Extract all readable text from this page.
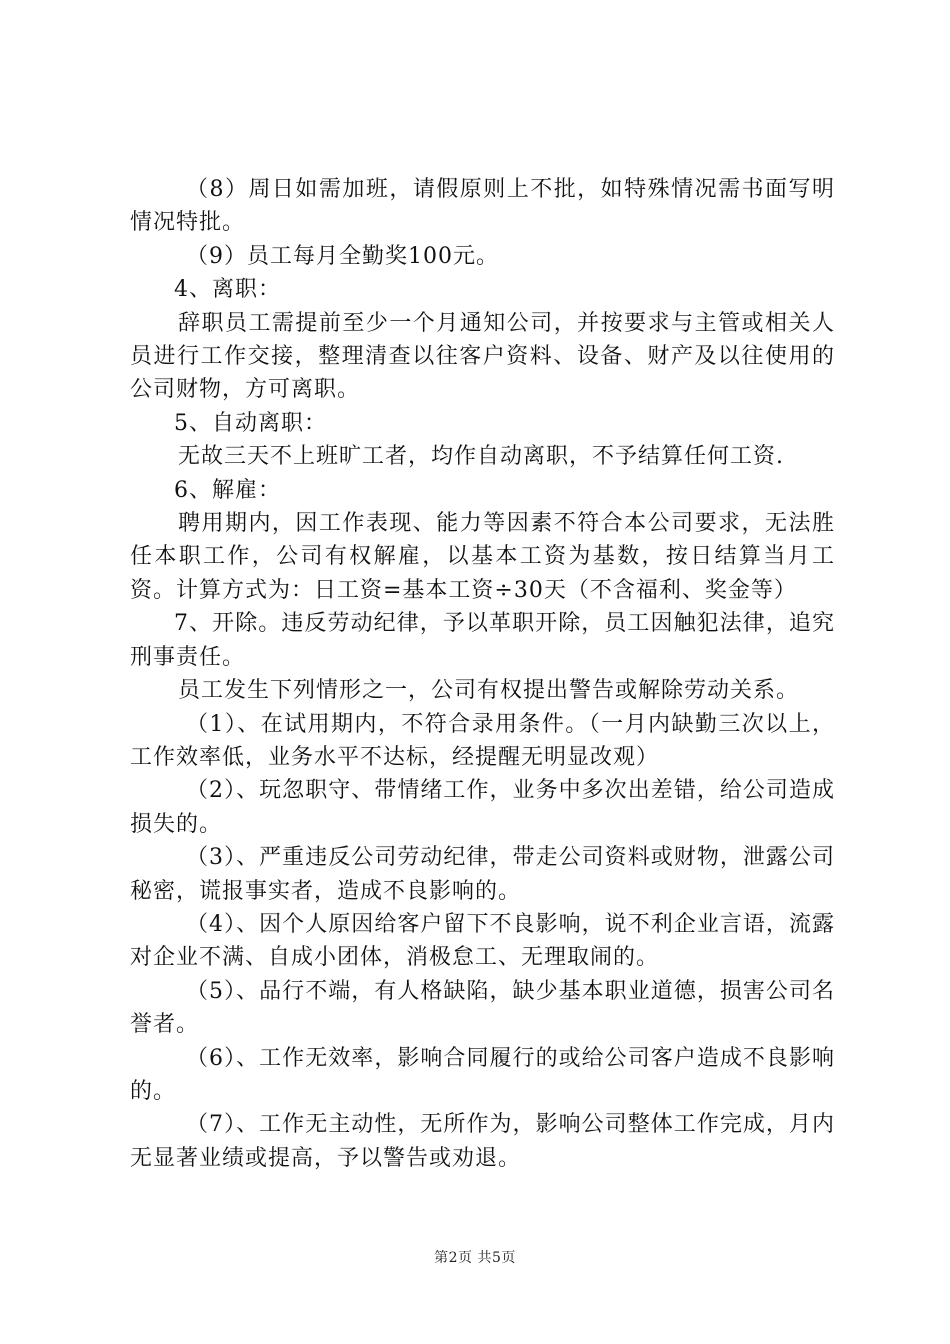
（8）周日如需加班，请假原则上不批，如特殊情况需书面写明情况特批。

（9）员工每月全勤奖100元。

4、离职：

辞职员工需提前至少一个月通知公司，并按要求与主管或相关人员进行工作交接，整理清查以往客户资料、设备、财产及以往使用的公司财物，方可离职。

5、自动离职：

无故三天不上班旷工者，均作自动离职，不予结算任何工资.

6、解雇：

聘用期内，因工作表现、能力等因素不符合本公司要求，无法胜任本职工作，公司有权解雇，以基本工资为基数，按日结算当月工资。计算方式为：日工资=基本工资÷30天（不含福利、奖金等）

7、开除。违反劳动纪律，予以革职开除，员工因触犯法律，追究刑事责任。

员工发生下列情形之一，公司有权提出警告或解除劳动关系。

（1）、在试用期内，不符合录用条件。（一月内缺勤三次以上，工作效率低，业务水平不达标，经提醒无明显改观）

（2）、玩忽职守、带情绪工作，业务中多次出差错，给公司造成损失的。

（3）、严重违反公司劳动纪律，带走公司资料或财物，泄露公司秘密，谎报事实者，造成不良影响的。

（4）、因个人原因给客户留下不良影响，说不利企业言语，流露对企业不满、自成小团体，消极怠工、无理取闹的。

（5）、品行不端，有人格缺陷，缺少基本职业道德，损害公司名誉者。

（6）、工作无效率，影响合同履行的或给公司客户造成不良影响的。

（7）、工作无主动性，无所作为，影响公司整体工作完成，月内无显著业绩或提高，予以警告或劝退。

第2页 共5页
